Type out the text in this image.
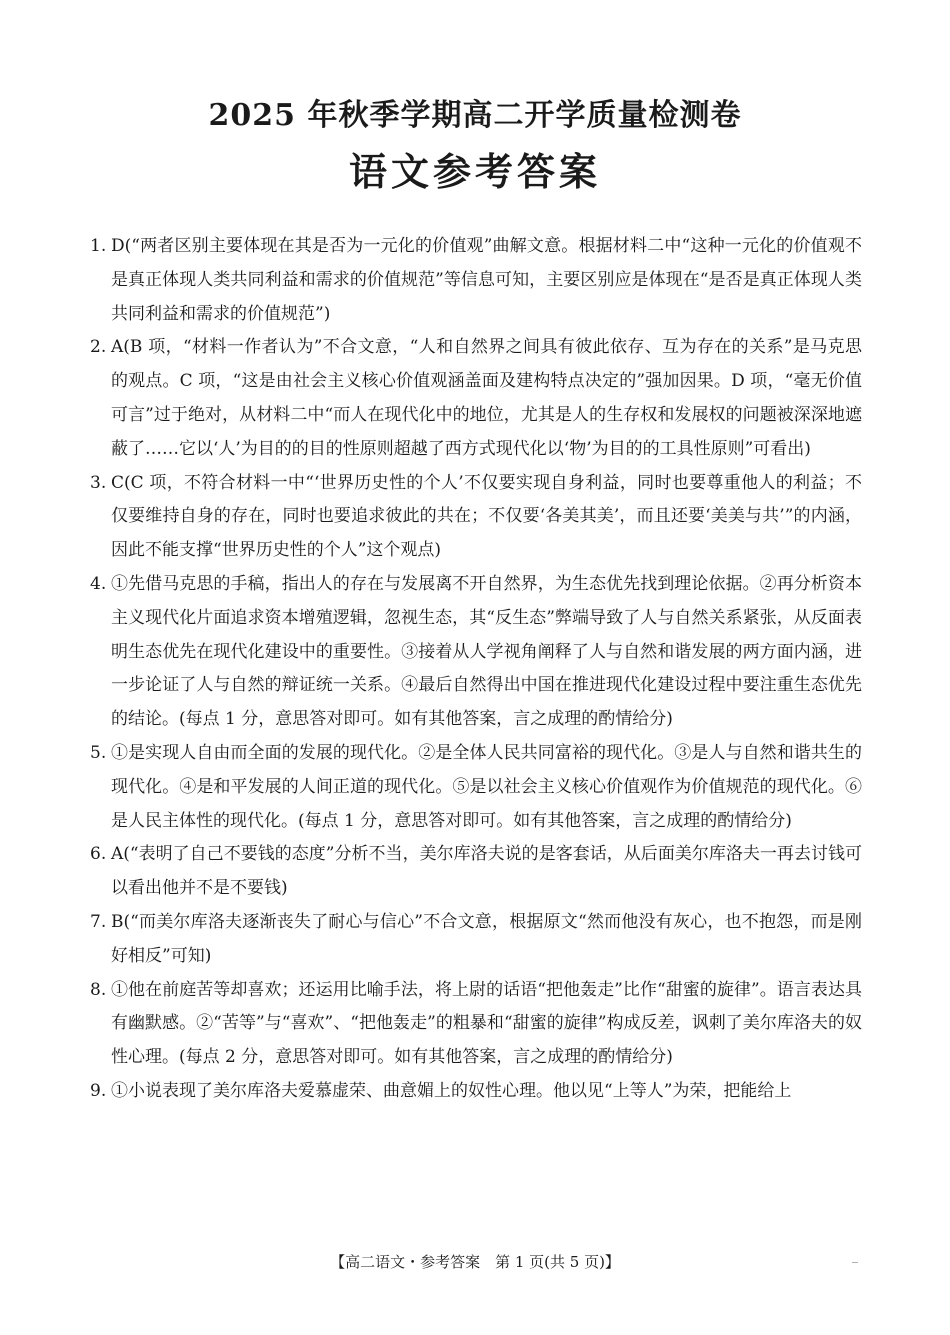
2025 年秋季学期高二开学质量检测卷
语文参考答案
1. D(“两者区别主要体现在其是否为一元化的价值观”曲解文意。根据材料二中“这种一元化的价值观不是真正体现人类共同利益和需求的价值规范”等信息可知，主要区别应是体现在“是否是真正体现人类共同利益和需求的价值规范”)
2. A(B 项，“材料一作者认为”不合文意，“人和自然界之间具有彼此依存、互为存在的关系”是马克思的观点。C 项，“这是由社会主义核心价值观涵盖面及建构特点决定的”强加因果。D 项，“毫无价值可言”过于绝对，从材料二中“而人在现代化中的地位，尤其是人的生存权和发展权的问题被深深地遮蔽了……它以‘人’为目的的目的性原则超越了西方式现代化以‘物’为目的的工具性原则”可看出)
3. C(C 项，不符合材料一中“‘世界历史性的个人’不仅要实现自身利益，同时也要尊重他人的利益；不仅要维持自身的存在，同时也要追求彼此的共在；不仅要‘各美其美’，而且还要‘美美与共’”的内涵，因此不能支撑“世界历史性的个人”这个观点)
4. ①先借马克思的手稿，指出人的存在与发展离不开自然界，为生态优先找到理论依据。②再分析资本主义现代化片面追求资本增殖逻辑，忽视生态，其“反生态”弊端导致了人与自然关系紧张，从反面表明生态优先在现代化建设中的重要性。③接着从人学视角阐释了人与自然和谐发展的两方面内涵，进一步论证了人与自然的辩证统一关系。④最后自然得出中国在推进现代化建设过程中要注重生态优先的结论。(每点 1 分，意思答对即可。如有其他答案，言之成理的酌情给分)
5. ①是实现人自由而全面的发展的现代化。②是全体人民共同富裕的现代化。③是人与自然和谐共生的现代化。④是和平发展的人间正道的现代化。⑤是以社会主义核心价值观作为价值规范的现代化。⑥是人民主体性的现代化。(每点 1 分，意思答对即可。如有其他答案，言之成理的酌情给分)
6. A(“表明了自己不要钱的态度”分析不当，美尔库洛夫说的是客套话，从后面美尔库洛夫一再去讨钱可以看出他并不是不要钱)
7. B(“而美尔库洛夫逐渐丧失了耐心与信心”不合文意，根据原文“然而他没有灰心，也不抱怨，而是刚好相反”可知)
8. ①他在前庭苦等却喜欢；还运用比喻手法，将上尉的话语“把他轰走”比作“甜蜜的旋律”。语言表达具有幽默感。②“苦等”与“喜欢”、“把他轰走”的粗暴和“甜蜜的旋律”构成反差，讽刺了美尔库洛夫的奴性心理。(每点 2 分，意思答对即可。如有其他答案，言之成理的酌情给分)
9. ①小说表现了美尔库洛夫爱慕虚荣、曲意媚上的奴性心理。他以见“上等人”为荣，把能给上
【高二语文・参考答案　第 1 页(共 5 页)】
